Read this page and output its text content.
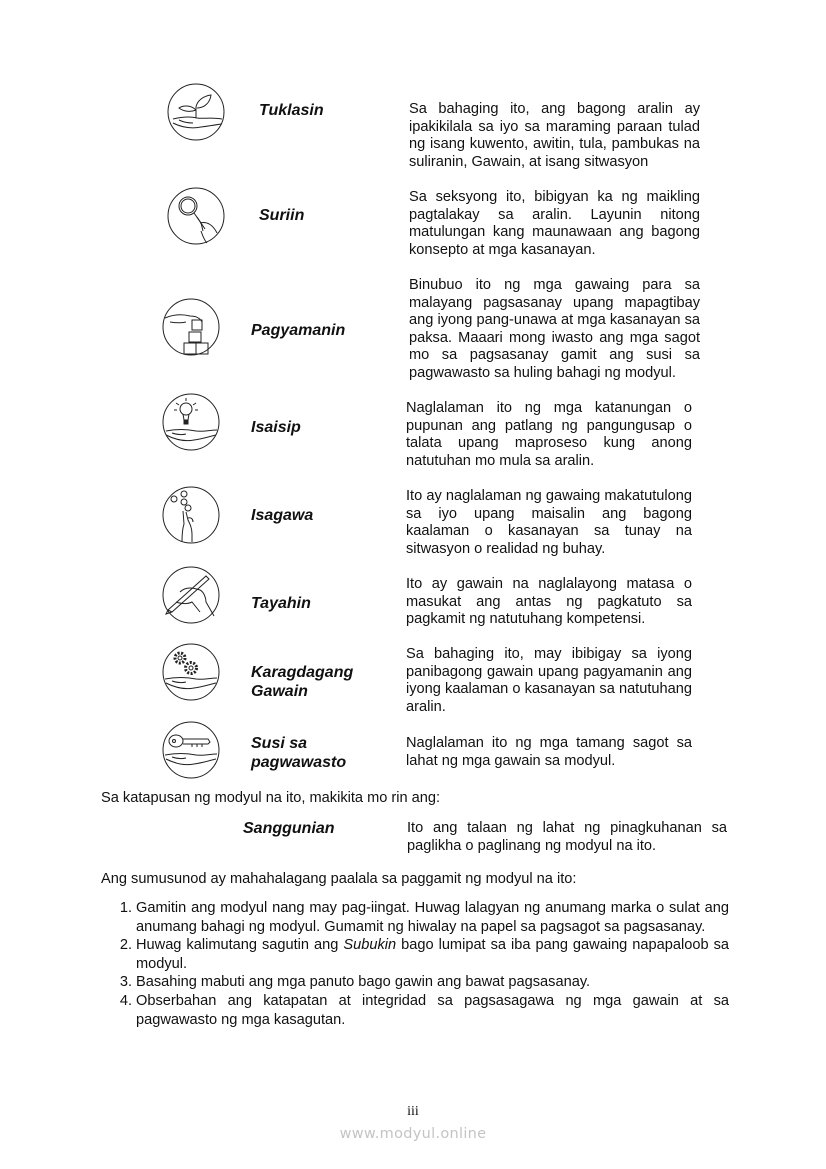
Tuklasin	Sa bahaging ito, ang bagong aralin ay ipakikilala sa iyo sa maraming paraan tulad ng isang kuwento, awitin, tula, pambukas na suliranin, Gawain, at isang sitwasyon
Suriin
Sa seksyong ito, bibigyan ka ng maikling pagtalakay sa aralin. Layunin nitong matulungan kang maunawaan ang bagong konsepto at mga kasanayan.
Pagyamanin
Binubuo ito ng mga gawaing para sa malayang pagsasanay upang mapagtibay ang iyong pang-unawa at mga kasanayan sa paksa. Maaari mong iwasto ang mga sagot mo sa pagsasanay gamit ang susi sa pagwawasto sa huling bahagi ng modyul.
Isaisip
Naglalaman ito ng mga katanungan o pupunan ang patlang ng pangungusap o talata upang maproseso kung anong natutuhan mo mula sa aralin.
Isagawa
Ito ay naglalaman ng gawaing makatutulong sa iyo upang maisalin ang bagong kaalaman o kasanayan sa tunay na sitwasyon o realidad ng buhay.
Tayahin
Ito ay gawain na naglalayong matasa o masukat ang antas ng pagkatuto sa pagkamit ng natutuhang kompetensi.
Karagdagang
Gawain
Sa bahaging ito, may ibibigay sa iyong panibagong gawain upang pagyamanin ang iyong kaalaman o kasanayan sa natutuhang aralin.
Susi sa
pagwawasto
Naglalaman ito ng mga tamang sagot sa lahat ng mga gawain sa modyul.
Sa katapusan ng modyul na ito, makikita mo rin ang:
Sanggunian	Ito ang talaan ng lahat ng pinagkuhanan sa paglikha o paglinang ng modyul na ito.
Ang sumusunod ay mahahalagang paalala sa paggamit ng modyul na ito:
1. Gamitin ang modyul nang may pag-iingat. Huwag lalagyan ng anumang marka o sulat ang anumang bahagi ng modyul. Gumamit ng hiwalay na papel sa pagsagot sa pagsasanay.
2. Huwag kalimutang sagutin ang Subukin bago lumipat sa iba pang gawaing napapaloob sa modyul.
3. Basahing mabuti ang mga panuto bago gawin ang bawat pagsasanay.
4. Obserbahan ang katapatan at integridad sa pagsasagawa ng mga gawain at sa pagwawasto ng mga kasagutan.
iii
www.modyul.online
